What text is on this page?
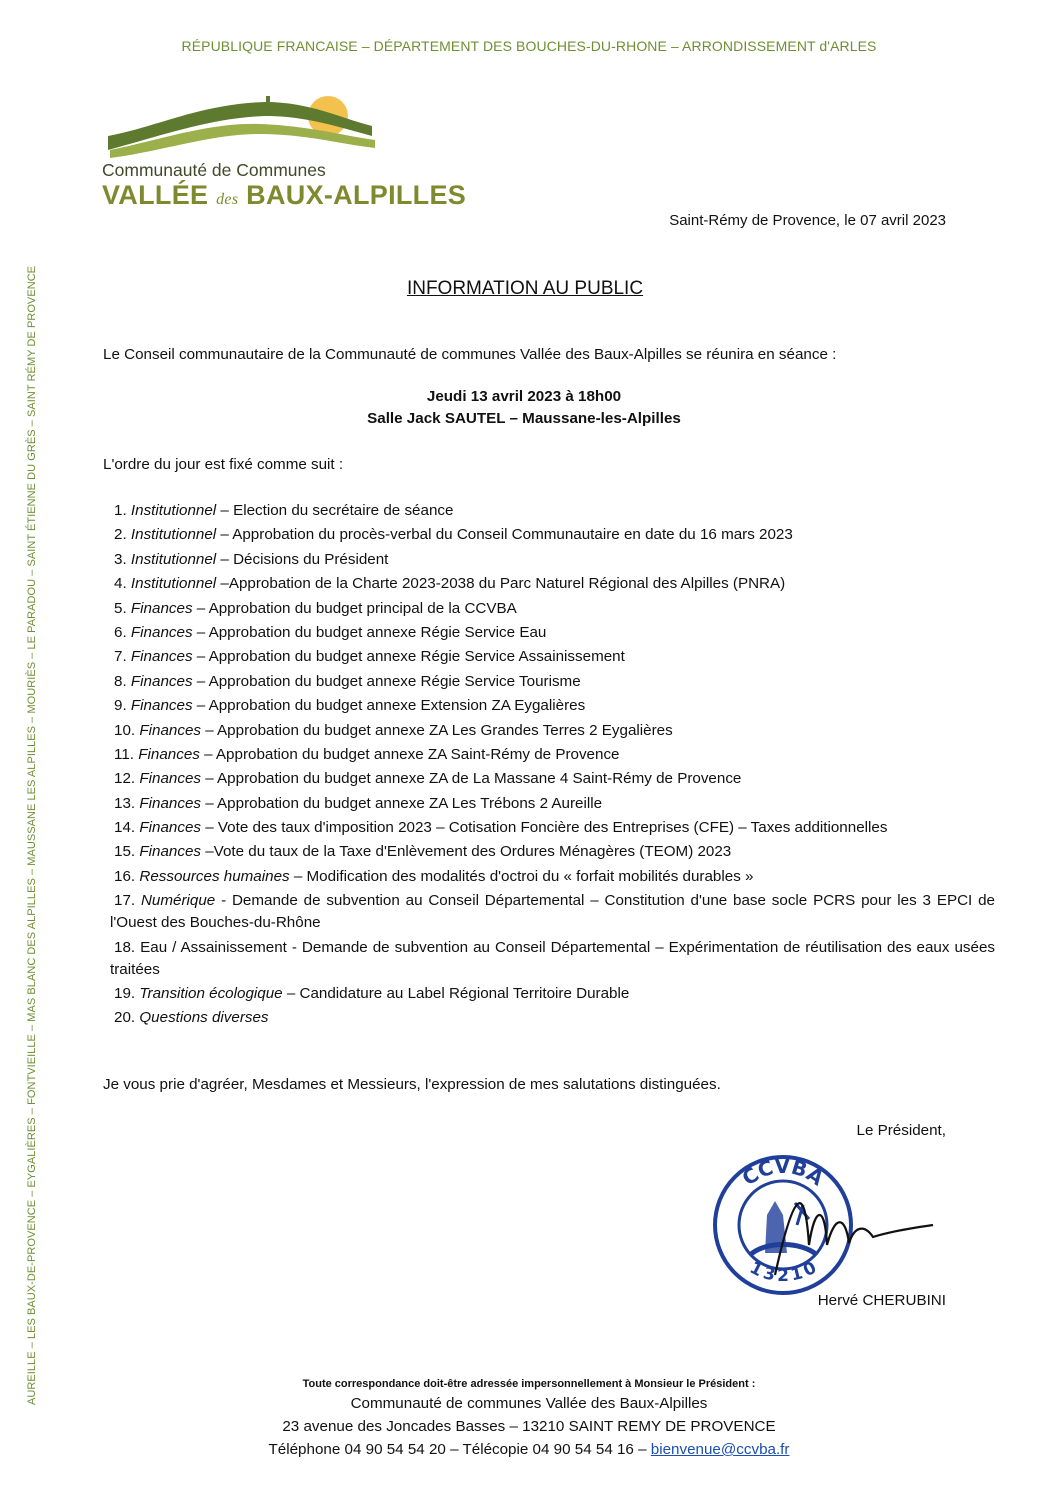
RÉPUBLIQUE FRANCAISE – DÉPARTEMENT DES BOUCHES-DU-RHONE – ARRONDISSEMENT d'ARLES
Communauté de Communes
VALLÉE des BAUX-ALPILLES
AUREILLE – LES BAUX-DE-PROVENCE – EYGALIÈRES – FONTVIEILLE – MAS BLANC DES ALPILLES – MAUSSANE LES ALPILLES – MOURIÈS – LE PARADOU – SAINT ÉTIENNE DU GRÈS – SAINT RÉMY DE PROVENCE
Saint-Rémy de Provence, le 07 avril 2023
INFORMATION AU PUBLIC
Le Conseil communautaire de la Communauté de communes Vallée des Baux-Alpilles se réunira en séance :
Jeudi 13 avril 2023 à 18h00
Salle Jack SAUTEL – Maussane-les-Alpilles
L'ordre du jour est fixé comme suit :
1. Institutionnel – Election du secrétaire de séance
2. Institutionnel – Approbation du procès-verbal du Conseil Communautaire en date du 16 mars 2023
3. Institutionnel – Décisions du Président
4. Institutionnel –Approbation de la Charte 2023-2038 du Parc Naturel Régional des Alpilles (PNRA)
5. Finances – Approbation du budget principal de la CCVBA
6. Finances – Approbation du budget annexe Régie Service Eau
7. Finances – Approbation du budget annexe Régie Service Assainissement
8. Finances – Approbation du budget annexe Régie Service Tourisme
9. Finances – Approbation du budget annexe Extension ZA Eygalières
10. Finances – Approbation du budget annexe ZA Les Grandes Terres 2 Eygalières
11. Finances – Approbation du budget annexe ZA Saint-Rémy de Provence
12. Finances – Approbation du budget annexe ZA de La Massane 4 Saint-Rémy de Provence
13. Finances – Approbation du budget annexe ZA Les Trébons 2 Aureille
14. Finances – Vote des taux d'imposition 2023 – Cotisation Foncière des Entreprises (CFE) – Taxes additionnelles
15. Finances –Vote du taux de la Taxe d'Enlèvement des Ordures Ménagères (TEOM) 2023
16. Ressources humaines – Modification des modalités d'octroi du « forfait mobilités durables »
17. Numérique - Demande de subvention au Conseil Départemental – Constitution d'une base socle PCRS pour les 3 EPCI de l'Ouest des Bouches-du-Rhône
18. Eau / Assainissement - Demande de subvention au Conseil Départemental – Expérimentation de réutilisation des eaux usées traitées
19. Transition écologique – Candidature au Label Régional Territoire Durable
20. Questions diverses
Je vous prie d'agréer, Mesdames et Messieurs, l'expression de mes salutations distinguées.
Le Président,
CCVBA
13210
Hervé CHERUBINI
Toute correspondance doit-être adressée impersonnellement à Monsieur le Président :
Communauté de communes Vallée des Baux-Alpilles
23 avenue des Joncades Basses – 13210 SAINT REMY DE PROVENCE
Téléphone 04 90 54 54 20 – Télécopie 04 90 54 54 16 – bienvenue@ccvba.fr
